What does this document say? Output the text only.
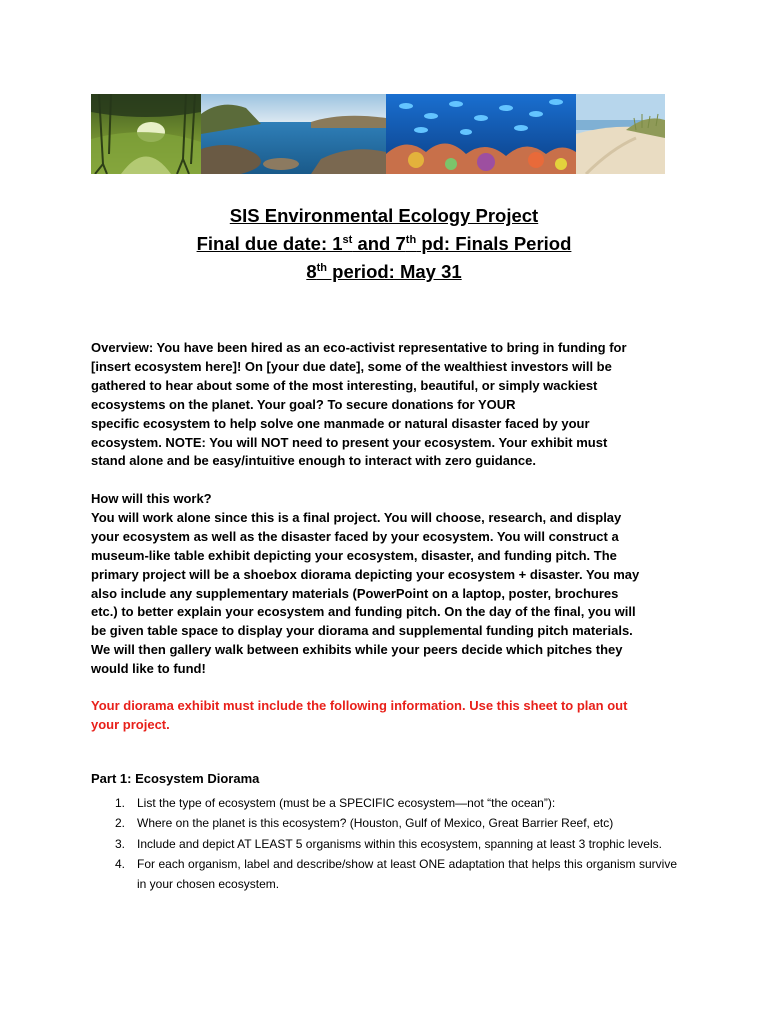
SIS Environmental Ecology Project
Final due date: 1st and 7th pd: Finals Period
8th period: May 31
Overview: You have been hired as an eco-activist representative to bring in funding for
[insert ecosystem here]! On [your due date], some of the wealthiest investors will be
gathered to hear about some of the most interesting, beautiful, or simply wackiest
ecosystems on the planet. Your goal? To secure donations for YOUR
specific ecosystem to help solve one manmade or natural disaster faced by your
ecosystem. NOTE: You will NOT need to present your ecosystem. Your exhibit must
stand alone and be easy/intuitive enough to interact with zero guidance.
How will this work?
You will work alone since this is a final project. You will choose, research, and display
your ecosystem as well as the disaster faced by your ecosystem. You will construct a
museum-like table exhibit depicting your ecosystem, disaster, and funding pitch. The
primary project will be a shoebox diorama depicting your ecosystem + disaster. You may
also include any supplementary materials (PowerPoint on a laptop, poster, brochures
etc.) to better explain your ecosystem and funding pitch. On the day of the final, you will
be given table space to display your diorama and supplemental funding pitch materials.
We will then gallery walk between exhibits while your peers decide which pitches they
would like to fund!
Your diorama exhibit must include the following information. Use this sheet to plan out
your project.
Part 1: Ecosystem Diorama
1. List the type of ecosystem (must be a SPECIFIC ecosystem—not “the ocean”):
2. Where on the planet is this ecosystem? (Houston, Gulf of Mexico, Great Barrier Reef, etc)
3. Include and depict AT LEAST 5 organisms within this ecosystem, spanning at least 3 trophic levels.
4. For each organism, label and describe/show at least ONE adaptation that helps this organism survive in your chosen ecosystem.
